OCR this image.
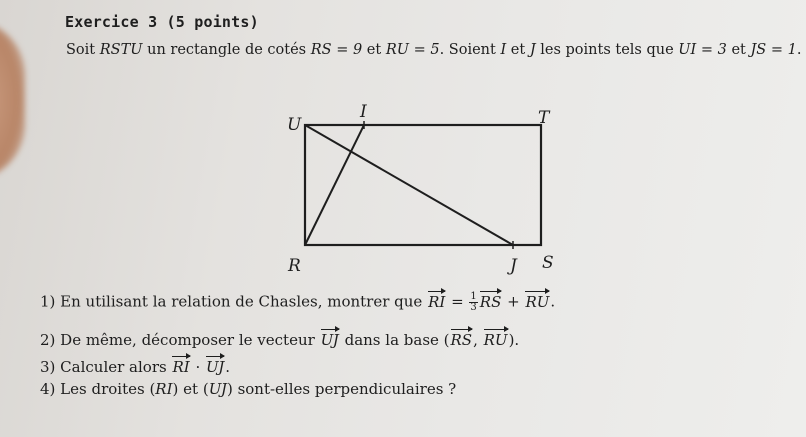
Exercice 3 (5 points)
Soit RSTU un rectangle de cotés RS = 9 et RU = 5. Soient I et J les points tels que UI = 3 et JS = 1.
U
I	T
R	J S
1) En utilisant la relation de Chasles, montrer que RI = $\frac{1}{3}$ RS + RU.
2) De même, décomposer le vecteur UJ dans la base (RS, RU).
3) Calculer alors RI · UJ.
4) Les droites (RI) et (UJ) sont-elles perpendiculaires ?
